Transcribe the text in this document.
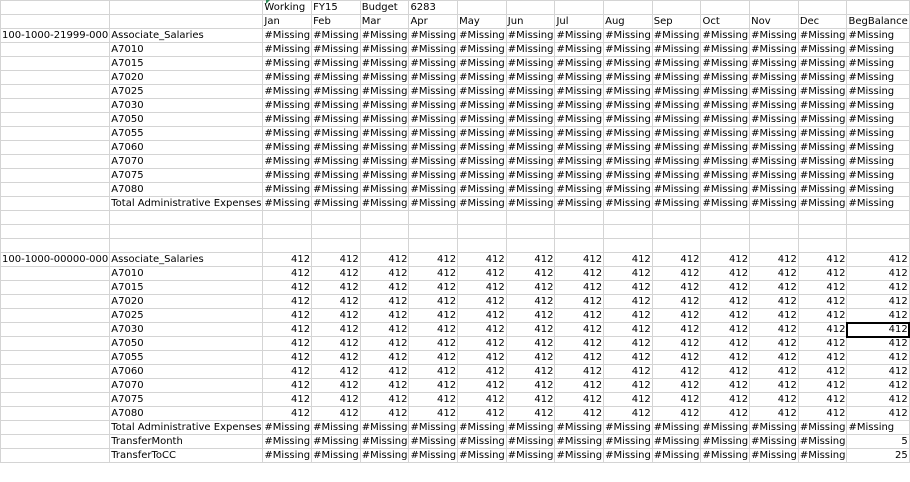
		Working	FY15	Budget	6283									
		Jan	Feb	Mar	Apr	May	Jun	Jul	Aug	Sep	Oct	Nov	Dec	BegBalance
100-1000-21999-000	Associate_Salaries	#Missing	#Missing	#Missing	#Missing	#Missing	#Missing	#Missing	#Missing	#Missing	#Missing	#Missing	#Missing	#Missing
	A7010	#Missing	#Missing	#Missing	#Missing	#Missing	#Missing	#Missing	#Missing	#Missing	#Missing	#Missing	#Missing	#Missing
	A7015	#Missing	#Missing	#Missing	#Missing	#Missing	#Missing	#Missing	#Missing	#Missing	#Missing	#Missing	#Missing	#Missing
	A7020	#Missing	#Missing	#Missing	#Missing	#Missing	#Missing	#Missing	#Missing	#Missing	#Missing	#Missing	#Missing	#Missing
	A7025	#Missing	#Missing	#Missing	#Missing	#Missing	#Missing	#Missing	#Missing	#Missing	#Missing	#Missing	#Missing	#Missing
	A7030	#Missing	#Missing	#Missing	#Missing	#Missing	#Missing	#Missing	#Missing	#Missing	#Missing	#Missing	#Missing	#Missing
	A7050	#Missing	#Missing	#Missing	#Missing	#Missing	#Missing	#Missing	#Missing	#Missing	#Missing	#Missing	#Missing	#Missing
	A7055	#Missing	#Missing	#Missing	#Missing	#Missing	#Missing	#Missing	#Missing	#Missing	#Missing	#Missing	#Missing	#Missing
	A7060	#Missing	#Missing	#Missing	#Missing	#Missing	#Missing	#Missing	#Missing	#Missing	#Missing	#Missing	#Missing	#Missing
	A7070	#Missing	#Missing	#Missing	#Missing	#Missing	#Missing	#Missing	#Missing	#Missing	#Missing	#Missing	#Missing	#Missing
	A7075	#Missing	#Missing	#Missing	#Missing	#Missing	#Missing	#Missing	#Missing	#Missing	#Missing	#Missing	#Missing	#Missing
	A7080	#Missing	#Missing	#Missing	#Missing	#Missing	#Missing	#Missing	#Missing	#Missing	#Missing	#Missing	#Missing	#Missing
	Total Administrative Expenses	#Missing	#Missing	#Missing	#Missing	#Missing	#Missing	#Missing	#Missing	#Missing	#Missing	#Missing	#Missing	#Missing

100-1000-00000-000	Associate_Salaries	412	412	412	412	412	412	412	412	412	412	412	412	412
	A7010	412	412	412	412	412	412	412	412	412	412	412	412	412
	A7015	412	412	412	412	412	412	412	412	412	412	412	412	412
	A7020	412	412	412	412	412	412	412	412	412	412	412	412	412
	A7025	412	412	412	412	412	412	412	412	412	412	412	412	412
	A7030	412	412	412	412	412	412	412	412	412	412	412	412	412
	A7050	412	412	412	412	412	412	412	412	412	412	412	412	412
	A7055	412	412	412	412	412	412	412	412	412	412	412	412	412
	A7060	412	412	412	412	412	412	412	412	412	412	412	412	412
	A7070	412	412	412	412	412	412	412	412	412	412	412	412	412
	A7075	412	412	412	412	412	412	412	412	412	412	412	412	412
	A7080	412	412	412	412	412	412	412	412	412	412	412	412	412
	Total Administrative Expenses	#Missing	#Missing	#Missing	#Missing	#Missing	#Missing	#Missing	#Missing	#Missing	#Missing	#Missing	#Missing	#Missing
	TransferMonth	#Missing	#Missing	#Missing	#Missing	#Missing	#Missing	#Missing	#Missing	#Missing	#Missing	#Missing	#Missing	5
	TransferToCC	#Missing	#Missing	#Missing	#Missing	#Missing	#Missing	#Missing	#Missing	#Missing	#Missing	#Missing	#Missing	25
